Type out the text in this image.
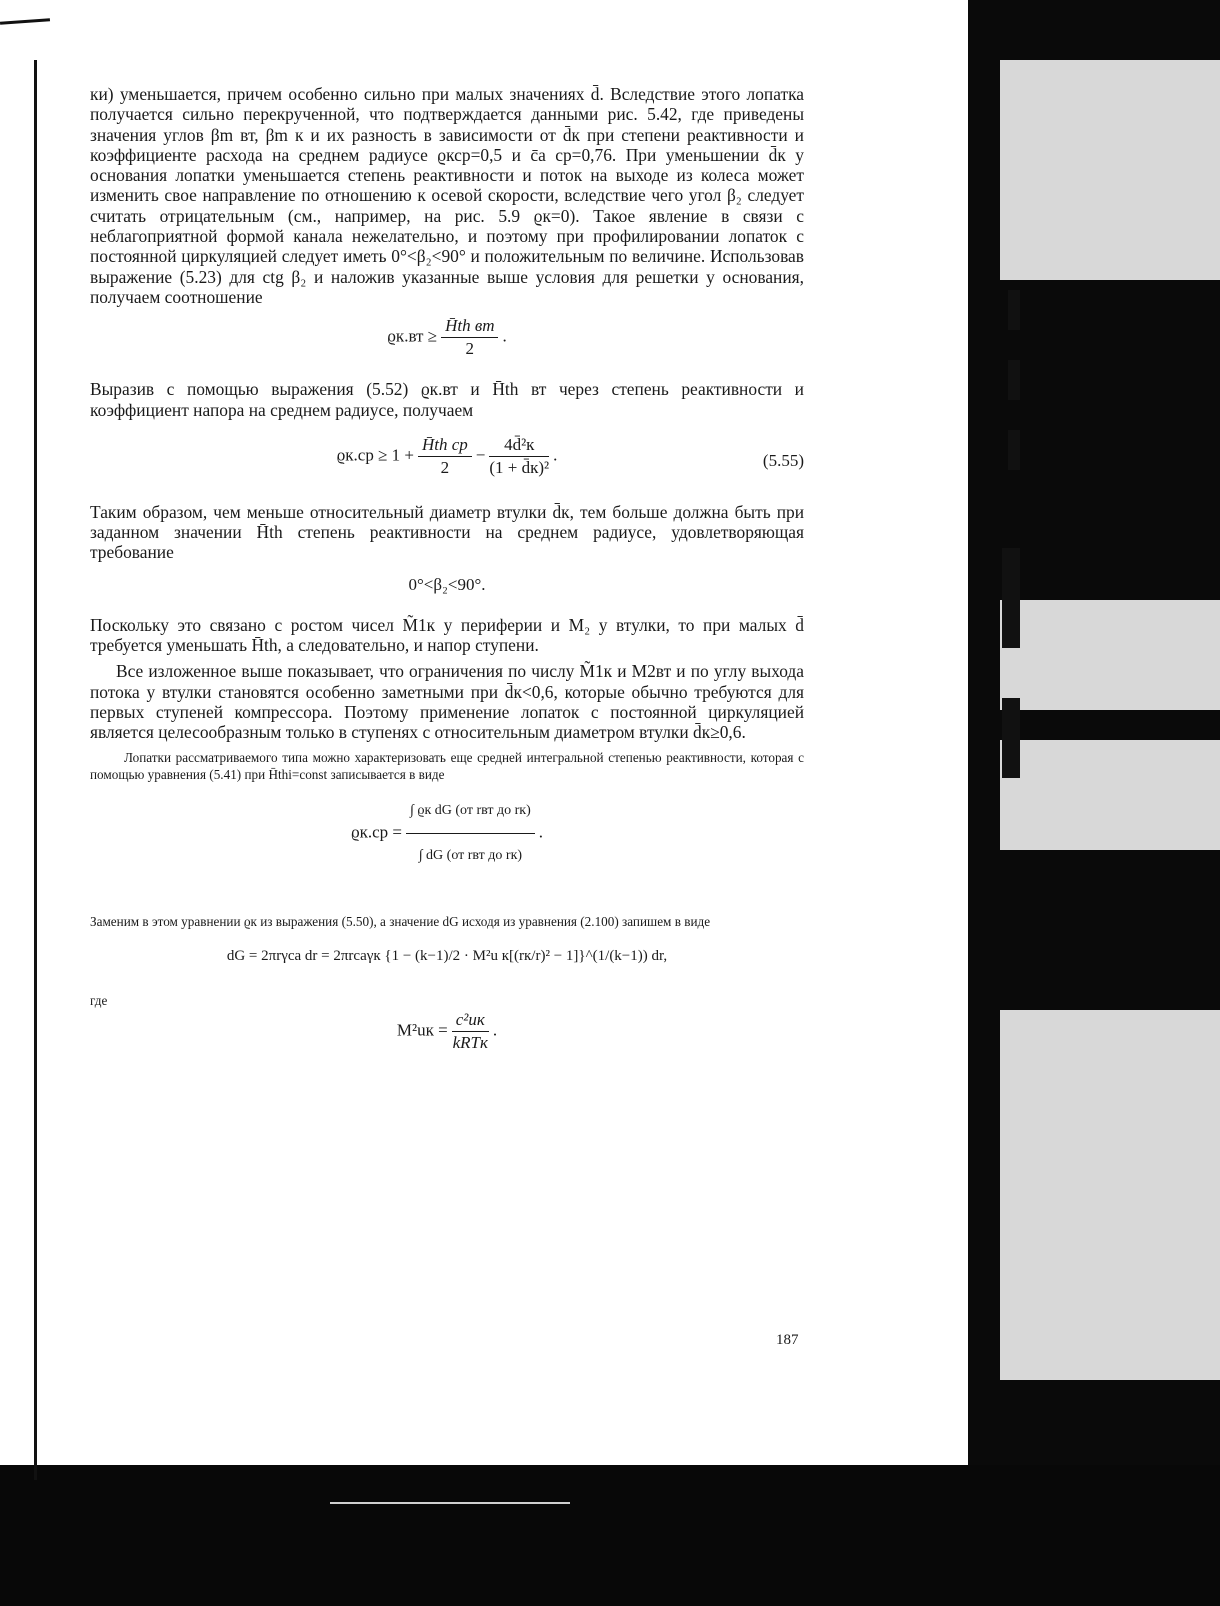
ки) уменьшается, причем особенно сильно при малых значениях d̄. Вследствие этого лопатка получается сильно перекрученной, что подтверждается данными рис. 5.42, где приведены значения углов βm вт, βm к и их разность в зависимости от d̄к при степени реактивности и коэффициенте расхода на среднем радиусе ϱкср=0,5 и c̄a ср=0,76. При уменьшении d̄к у основания лопатки уменьшается степень реактивности и поток на выходе из колеса может изменить свое направление по отношению к осевой скорости, вследствие чего угол β₂ следует считать отрицательным (см., например, на рис. 5.9 ϱк=0). Такое явление в связи с неблагоприятной формой канала нежелательно, и поэтому при профилировании лопаток с постоянной циркуляцией следует иметь 0°<β₂<90° и положительным по величине. Использовав выражение (5.23) для ctg β₂ и наложив указанные выше условия для решетки у основания, получаем соотношение

$ϱк.вт \ge \frac{\text{H̄th вт}}{2}$ .

Выразив с помощью выражения (5.52) ϱк.вт и H̄th вт через степень реактивности и коэффициент напора на среднем радиусе, получаем

$ϱк.ср \ge 1 + \frac{\text{H̄th ср}}{2} - \frac{\text{4d̄²к}}{\text{(1 + d̄к)²}}$ .	(5.55)

Таким образом, чем меньше относительный диаметр втулки d̄к, тем больше должна быть при заданном значении H̄th степень реактивности на среднем радиусе, удовлетворяющая требование

0°<β₂<90°.

Поскольку это связано с ростом чисел M̃1к у периферии и M₂ у втулки, то при малых d̄ требуется уменьшать H̄th, а следовательно, и напор ступени.

Все изложенное выше показывает, что ограничения по числу M̃1к и M2вт и по углу выхода потока у втулки становятся особенно заметными при d̄к<0,6, которые обычно требуются для первых ступеней компрессора. Поэтому применение лопаток с постоянной циркуляцией является целесообразным только в ступенях с относительным диаметром втулки d̄к≥0,6.

Лопатки рассматриваемого типа можно характеризовать еще средней интегральной степенью реактивности, которая с помощью уравнения (5.41) при H̄thi=const записывается в виде

$ϱк.ср = \frac{\text{∫ ϱк dG (от rвт до rк)}}{\text{∫ dG (от rвт до rк)}}$ .

Заменим в этом уравнении ϱк из выражения (5.50), а значение dG исходя из уравнения (2.100) запишем в виде

dG = 2πrγca dr = 2πrcaγк {1 − (k−1)/2 · M²u к[(rк/r)² − 1]}^(1/(k−1)) dr,

где

$M^2uк = \frac{\text{c²uк}}{\text{kRTк}}$ .
187
